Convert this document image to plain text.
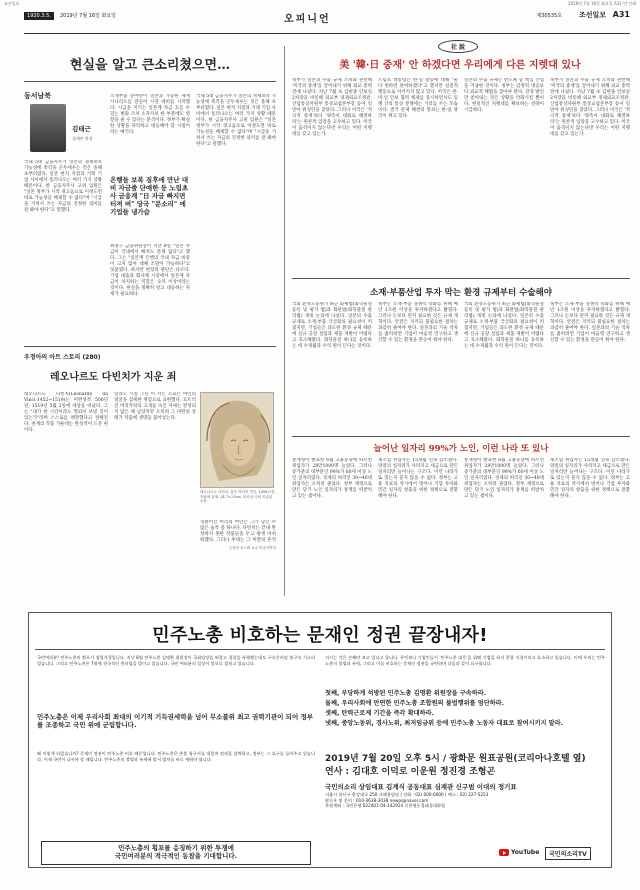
조선일보	2019년 7월 16일 화요일 A31 면 인쇄
1920.3.5.	2019년 7월 16일 화요일	오피니언	제30535호 조선일보 A31
현실을 알고 큰소리쳤으면…
동서남북
김태근
경제부 차장
국내 5대 금융지주가 일본의 경제보복 가능성에 촉각을 곤두세우는 것은 올해 초부터였다. 일본 현지 지점과 거래 기업 사이에서 흘러나오는 여러 가지 상황 때문이다. 한 금융지주사 고위 임원은 "일본 정부가 시작 경고음으로 이정도면 바로 가능성을 배제할 수 없다"며 "시급을 거쳐서 쓰는 자금의 진정한 의미를 잘 봐야 한다"고 말했다.
소재부품 분야만이 일본과 가능한 제재 시나리오를 만들어 시연 대비를 시작했다. 시금을 지키는 일본계 자금 흐름 수 있는 변화 조차 소자자보 한 부분에도 영향을 줄 수 있다는 분석이다. 정부가 확실한 상황을 파악하고 대응해야 할 시점이라는 얘기다.
은행들 보복 징후에 만난 대비 자금줄 단예한 등 노림초사 금융계 "日 자금 빠지면 터져 버" 당국 "문소리" 에 기업들 냉가슴
최종구 금융위원장이 지난 8일 "일본 자금이 국내에서 빠져도 문제 없다"고 했다. 그는 "일본계 은행의 국내 자금 비중이 크지 않아 대체 조달이 가능하다"고 덧붙였다. 하지만 현장의 판단은 다르다. 기업 대출과 회사채 시장에서 일본계 자금이 차지하는 역할은 숫자 이상이라는 것이다. 현실을 정확히 알고 대응하는 자세가 필요하다.
국내 5대 금융지주가 일본의 경제보복 가능성에 촉각을 곤두세우는 것은 올해 초부터였다. 일본 현지 지점과 거래 기업 사이에서 흘러나오는 여러 가지 상황 때문이다. 한 금융지주사 고위 임원은 "일본 정부가 시작 경고음으로 이정도면 바로 가능성을 배제할 수 없다"며 "시급을 거쳐서 쓰는 자금의 진정한 의미를 잘 봐야 한다"고 말했다.
우정아의 아트 스토리 (280)
레오나르도 다빈치가 지운 죄
레오나르도 다빈치(Leonardo da Vinci·1452~1519)는 미완성작 500년 전, 1519년 5월 2일에 세상을 떠났다. 그는 "내가 한 시간이라도 헛되이 보낸 것이 있는가"라며 스스로를 책망했다고 전해진다. 천재의 작품 가운데는 완성작이 드문 편이다.
밀라노 시절 그린 이 작은 소묘는 여인의 얼굴을 섬세한 명암으로 표현했다. 흐트러진 머리카락과 고개를 숙인 자세는 완성되지 않은 채 남았지만 오히려 그 미완의 상태가 작품에 생명을 불어넣는다.
레오나르도 다빈치, 흩은 머리의 여인, 1498년경, 목판에 유채, 24.7×21cm, 파르마 국립 미술관 소장.
헝클어진 머리의 여인은 그가 남긴 수많은 습작 중 하나다. 다빈치는 끝내 완성하지 못한 작품들을 두고 평생 아쉬워했다. 그러나 후대는 그 미완의 흔적
우정아 포스텍 교수·미술사학자
社 說
美 '韓·日 중재' 안 하겠다면 우리에게 다른 지렛대 있나
정부가 일본과 수출 규제 조치와 관련해 '미국의 중재'를 끌어내기 위해 외교 총력전에 나섰다. 지난 7월 초 김현종 안보실 2차장을 비롯해 외교부 경제외교조정관, 산업통상자원부 통상교섭본부장 등이 잇달아 워싱턴을 찾았다. 그러나 미국은 '적극적 중재'보다 '양측이 대화로 해결하라'는 원론적 입장을 고수하고 있다. 미국이 움직이지 않는다면 우리는 어떤 지렛대를 갖고 있는가.
트럼프 대통령은 한·일 갈등에 대해 "둘 다 원하면 관여하겠다"고 했지만 실질적 행동으로 이어지지 않고 있다. 미국은 한·미·일 안보 협력 체제를 중시하면서도 동맹 간의 통상 분쟁에는 거리를 두는 모습이다. 결국 문제 해결의 열쇠는 한·일 양국이 쥐고 있다.
일본의 수출 규제는 반도체 등 핵심 산업을 겨냥한 것이다. 정부는 감정적 대응보다 외교적 해법을 찾아야 한다. 강경 발언만 쏟아내는 것은 상황을 악화시킬 뿐이다. 현실적인 지렛대를 확보하는 전략이 시급하다.
정부가 일본과 수출 규제 조치와 관련해 '미국의 중재'를 끌어내기 위해 외교 총력전에 나섰다. 지난 7월 초 김현종 안보실 2차장을 비롯해 외교부 경제외교조정관, 산업통상자원부 통상교섭본부장 등이 잇달아 워싱턴을 찾았다. 그러나 미국은 '적극적 중재'보다 '양측이 대화로 해결하라'는 원론적 입장을 고수하고 있다. 미국이 움직이지 않는다면 우리는 어떤 지렛대를 갖고 있는가.
소재·부품산업 투자 막는 환경 규제부터 수술해야
국회 환경노동위가 최근 화평법(화학물질 등록 및 평가 법)과 화관법(화학물질 관리법) 개정 논의에 나섰다. 일본의 수출 규제로 소재·부품 국산화의 필요성이 커졌지만, 기업들은 과도한 환경 규제 때문에 신규 공장 설립과 제품 개발이 어렵다고 호소해왔다. 화학물질 하나를 등록하는 데 수개월과 수억 원이 든다는 것이다.
정부는 소재·부품 경쟁력 강화를 위해 매년 1조원 이상을 투자하겠다고 밝혔다. 그러나 돈보다 먼저 필요한 것은 규제 개혁이다. 안전은 지키되 불필요한 절차는 과감히 줄여야 한다. 일본과의 기술 격차를 좁히려면 기업이 마음껏 연구하고 생산할 수 있는 환경을 만들어 줘야 한다.
국회 환경노동위가 최근 화평법(화학물질 등록 및 평가 법)과 화관법(화학물질 관리법) 개정 논의에 나섰다. 일본의 수출 규제로 소재·부품 국산화의 필요성이 커졌지만, 기업들은 과도한 환경 규제 때문에 신규 공장 설립과 제품 개발이 어렵다고 호소해왔다. 화학물질 하나를 등록하는 데 수개월과 수억 원이 든다는 것이다.
정부는 소재·부품 경쟁력 강화를 위해 매년 1조원 이상을 투자하겠다고 밝혔다. 그러나 돈보다 먼저 필요한 것은 규제 개혁이다. 안전은 지키되 불필요한 절차는 과감히 줄여야 한다. 일본과의 기술 격차를 좁히려면 기업이 마음껏 연구하고 생산할 수 있는 환경을 만들어 줘야 한다.
늘어난 일자리 99%가 노인, 이런 나라 또 있나
통계청이 발표한 6월 고용동향에 따르면 취업자가 28만1000명 늘었다. 그러나 증가분의 대부분인 99%가 60세 이상 노인 일자리였다. 경제의 허리인 30~40대 취업자는 오히려 줄었다. 정부 재정으로 만든 단기 노인 일자리가 통계를 떠받치고 있는 셈이다.
제조업 취업자는 15개월 연속 감소했다. 양질의 일자리가 사라지고 세금으로 만든 일자리만 늘어나는 구조다. 이런 나라가 또 있는지 묻지 않을 수 없다. 정부는 고용 지표의 착시에서 벗어나 기업 투자와 민간 일자리 창출을 위한 정책으로 전환해야 한다.
통계청이 발표한 6월 고용동향에 따르면 취업자가 28만1000명 늘었다. 그러나 증가분의 대부분인 99%가 60세 이상 노인 일자리였다. 경제의 허리인 30~40대 취업자는 오히려 줄었다. 정부 재정으로 만든 단기 노인 일자리가 통계를 떠받치고 있는 셈이다.
제조업 취업자는 15개월 연속 감소했다. 양질의 일자리가 사라지고 세금으로 만든 일자리만 늘어나는 구조다. 이런 나라가 또 있는지 묻지 않을 수 없다. 정부는 고용 지표의 착시에서 벗어나 기업 투자와 민간 일자리 창출을 위한 정책으로 전환해야 한다.
민주노총 비호하는 문재인 정권 끝장내자!
국민여러분! 민주노총의 횡포가 점입가경입니다. 지난 8월 민주노총 김명환 위원장이 국회담장을 허물고 경찰을 폭행했는데도 구속은커녕 불구속 기소되었습니다. 그리고 민주노총은 7월에 전국적인 총파업을 벌이고 있습니다. 국민 여러분의 일상이 볼모로 잡히고 있습니다.
민주노총은 이제 우리사회 최대의 이기적 기득권세력을 넘어 무소불위 최고 권력기관이 되어 정부를 조종하고 국민 위에 군림합니다.
왜 이렇게 되었습니까? 문재인 정권이 민주노총 비호 때문입니다. 민주노총은 촛불 청구서를 내밀며 정권을 압박하고, 정부는 그 요구를 들어주고 있습니다. 이제 국민이 나서야 할 때입니다. 민주노총의 불법과 폭력에 맞서 법치를 바로 세워야 합니다.
지키는 것은 손해만 보고 있다고 합니다. 무엇보다 기업인들이 '민주노총 대응'을 위해 기업을 하지 못할 지경이라고 호소하고 있습니다. 이에 우리는 민주노총의 불법과 폭력, 그리고 이를 비호하는 문재인 정권을 규탄하며 다음과 같이 요구합니다.
첫째, 부당하게 석방된 민주노총 김명환 위원장을 구속하라.
둘째, 우리사회에 만연한 민주노총 조합원의 불법행위를 엄단하라.
셋째, 탄력근로제 기간을 즉각 확대하라.
넷째, 중앙노동위, 경사노위, 최저임금위 등에 민주노총 노동자 대표로 참여시키지 말라.
2019년 7월 20일 오후 5시 / 광화문 원표공원(코리아나호텔 옆)
연사 : 김대호 이덕로 이운원 정진경 조형곤
민주노총의 횡포를 응징하기 위한 투쟁에
국민여러분의 적극적인 동참을 기대합니다.
국민의소리 상임대표 김계식 공동대표 심재관 신구범 이대의 정기표
서울시 용산구 한강대로 250 크레용빌딩 | 전화 : 02) 000-0000 | 팩스 : 02) 227-5253
팔로우 및 문의 : 010-3638-3038 newpi@naver.com
후원계좌 : 국민은행 022401-04-142914 신한영동경태경대위원
YouTube	국민의소리TV
